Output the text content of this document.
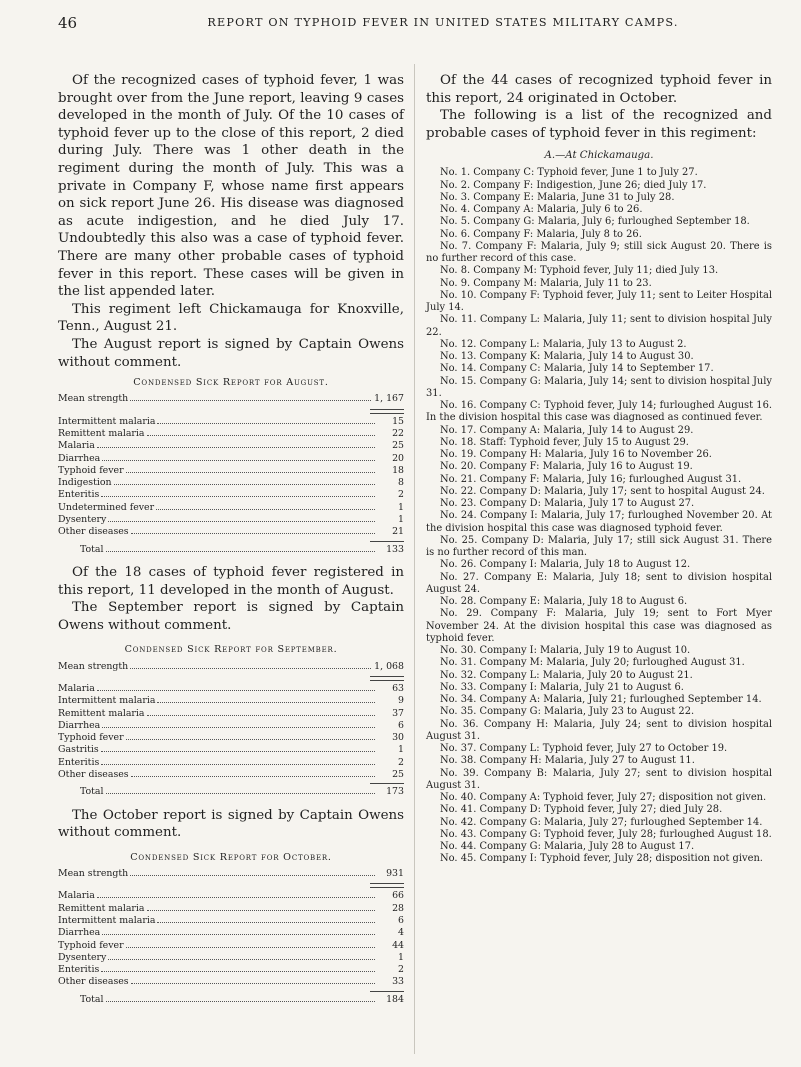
46	REPORT ON TYPHOID FEVER IN UNITED STATES MILITARY CAMPS.

Of the recognized cases of typhoid fever, 1 was brought over from the June report, leaving 9 cases developed in the month of July. Of the 10 cases of typhoid fever up to the close of this report, 2 died during July. There was 1 other death in the regiment during the month of July. This was a private in Company F, whose name first appears on sick report June 26. His disease was diagnosed as acute indigestion, and he died July 17. Undoubtedly this also was a case of typhoid fever. There are many other probable cases of typhoid fever in this report. These cases will be given in the list appended later.

This regiment left Chickamauga for Knoxville, Tenn., August 21.

The August report is signed by Captain Owens without comment.

Condensed Sick Report for August.
Mean strength	1, 167
Intermittent malaria	15
Remittent malaria	22
Malaria	25
Diarrhea	20
Typhoid fever	18
Indigestion	8
Enteritis	2
Undetermined fever	1
Dysentery	1
Other diseases	21
Total	133

Of the 18 cases of typhoid fever registered in this report, 11 developed in the month of August.

The September report is signed by Captain Owens without comment.

Condensed Sick Report for September.
Mean strength	1, 068
Malaria	63
Intermittent malaria	9
Remittent malaria	37
Diarrhea	6
Typhoid fever	30
Gastritis	1
Enteritis	2
Other diseases	25
Total	173

The October report is signed by Captain Owens without comment.

Condensed Sick Report for October.
Mean strength	931
Malaria	66
Remittent malaria	28
Intermittent malaria	6
Diarrhea	4
Typhoid fever	44
Dysentery	1
Enteritis	2
Other diseases	33
Total	184

Of the 44 cases of recognized typhoid fever in this report, 24 originated in October.

The following is a list of the recognized and probable cases of typhoid fever in this regiment:

A.—At Chickamauga.

No. 1. Company C: Typhoid fever, June 1 to July 27.

No. 2. Company F: Indigestion, June 26; died July 17.

No. 3. Company E: Malaria, June 31 to July 28.

No. 4. Company A: Malaria, July 6 to 26.

No. 5. Company G: Malaria, July 6; furloughed September 18.

No. 6. Company F: Malaria, July 8 to 26.

No. 7. Company F: Malaria, July 9; still sick August 20. There is no further record of this case.

No. 8. Company M: Typhoid fever, July 11; died July 13.

No. 9. Company M: Malaria, July 11 to 23.

No. 10. Company F: Typhoid fever, July 11; sent to Leiter Hospital July 14.

No. 11. Company L: Malaria, July 11; sent to division hospital July 22.

No. 12. Company L: Malaria, July 13 to August 2.

No. 13. Company K: Malaria, July 14 to August 30.

No. 14. Company C: Malaria, July 14 to September 17.

No. 15. Company G: Malaria, July 14; sent to division hospital July 31.

No. 16. Company C: Typhoid fever, July 14; furloughed August 16. In the division hospital this case was diagnosed as continued fever.

No. 17. Company A: Malaria, July 14 to August 29.

No. 18. Staff: Typhoid fever, July 15 to August 29.

No. 19. Company H: Malaria, July 16 to November 26.

No. 20. Company F: Malaria, July 16 to August 19.

No. 21. Company F: Malaria, July 16; furloughed August 31.

No. 22. Company D: Malaria, July 17; sent to hospital August 24.

No. 23. Company D: Malaria, July 17 to August 27.

No. 24. Company I: Malaria, July 17; furloughed November 20. At the division hospital this case was diagnosed typhoid fever.

No. 25. Company D: Malaria, July 17; still sick August 31. There is no further record of this man.

No. 26. Company I: Malaria, July 18 to August 12.

No. 27. Company E: Malaria, July 18; sent to division hospital August 24.

No. 28. Company E: Malaria, July 18 to August 6.

No. 29. Company F: Malaria, July 19; sent to Fort Myer November 24. At the division hospital this case was diagnosed as typhoid fever.

No. 30. Company I: Malaria, July 19 to August 10.

No. 31. Company M: Malaria, July 20; furloughed August 31.

No. 32. Company L: Malaria, July 20 to August 21.

No. 33. Company I: Malaria, July 21 to August 6.

No. 34. Company A: Malaria, July 21; furloughed September 14.

No. 35. Company G: Malaria, July 23 to August 22.

No. 36. Company H: Malaria, July 24; sent to division hospital August 31.

No. 37. Company L: Typhoid fever, July 27 to October 19.

No. 38. Company H: Malaria, July 27 to August 11.

No. 39. Company B: Malaria, July 27; sent to division hospital August 31.

No. 40. Company A: Typhoid fever, July 27; disposition not given.

No. 41. Company D: Typhoid fever, July 27; died July 28.

No. 42. Company G: Malaria, July 27; furloughed September 14.

No. 43. Company G: Typhoid fever, July 28; furloughed August 18.

No. 44. Company G: Malaria, July 28 to August 17.

No. 45. Company I: Typhoid fever, July 28; disposition not given.
